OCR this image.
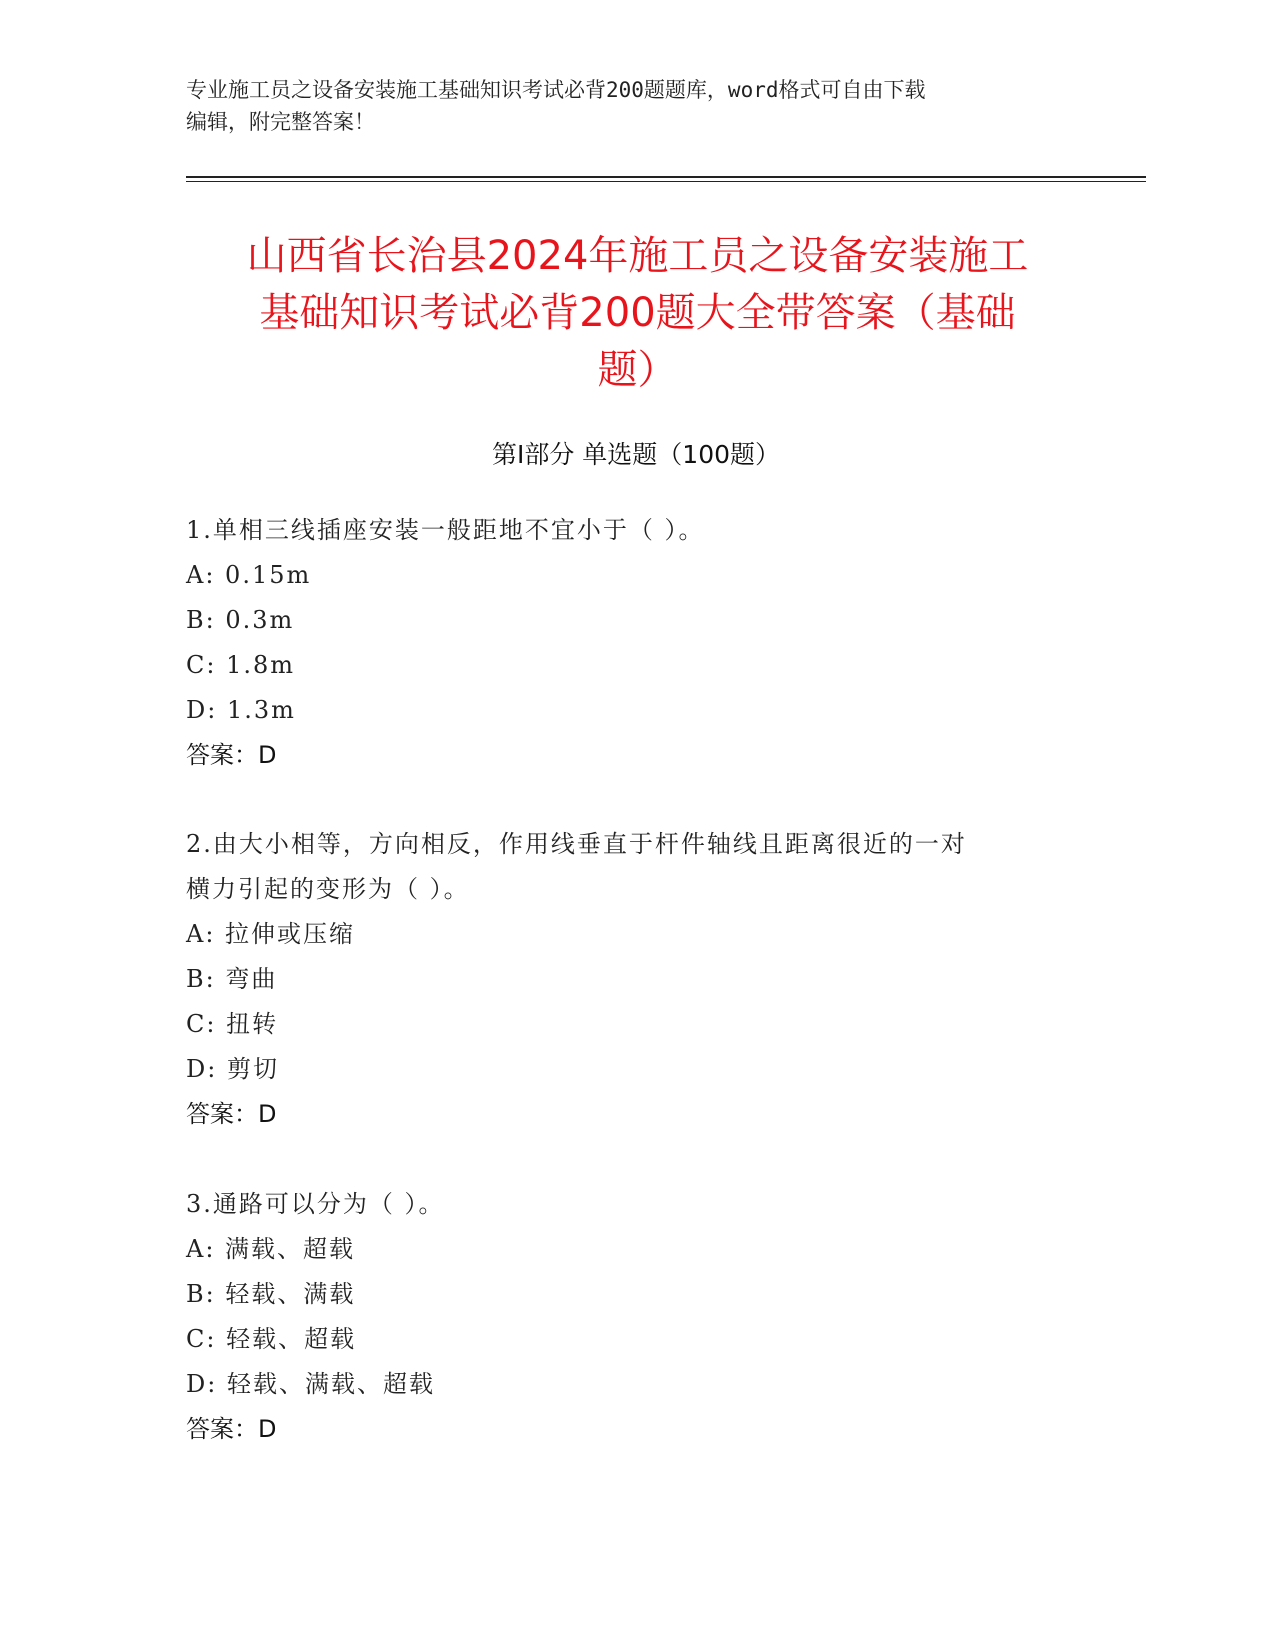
专业施工员之设备安装施工基础知识考试必背200题题库，word格式可自由下载
编辑，附完整答案！
山西省长治县2024年施工员之设备安装施工
基础知识考试必背200题大全带答案（基础
题）
第I部分 单选题（100题）
1.单相三线插座安装一般距地不宜小于（ ）。
A: 0.15m
B: 0.3m
C: 1.8m
D: 1.3m
答案：D
2.由大小相等，方向相反，作用线垂直于杆件轴线且距离很近的一对
横力引起的变形为（ ）。
A: 拉伸或压缩
B: 弯曲
C: 扭转
D: 剪切
答案：D
3.通路可以分为（ ）。
A: 满载、超载
B: 轻载、满载
C: 轻载、超载
D: 轻载、满载、超载
答案：D
